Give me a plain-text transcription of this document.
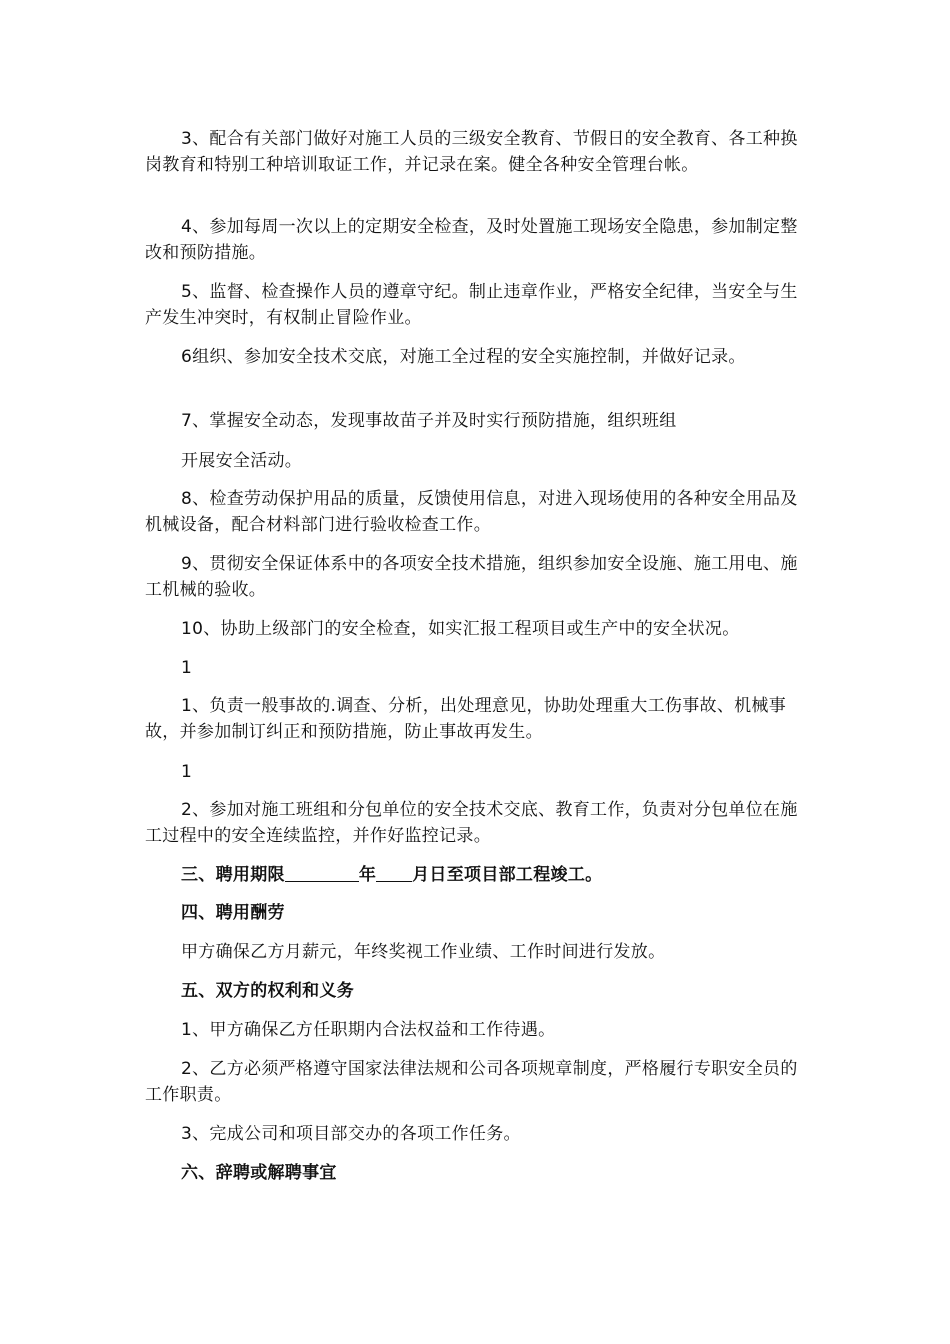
3、配合有关部门做好对施工人员的三级安全教育、节假日的安全教育、各工种换岗教育和特别工种培训取证工作，并记录在案。健全各种安全管理台帐。
4、参加每周一次以上的定期安全检查，及时处置施工现场安全隐患，参加制定整改和预防措施。
5、监督、检查操作人员的遵章守纪。制止违章作业，严格安全纪律，当安全与生产发生冲突时，有权制止冒险作业。
6组织、参加安全技术交底，对施工全过程的安全实施控制，并做好记录。
7、掌握安全动态，发现事故苗子并及时实行预防措施，组织班组
开展安全活动。
8、检查劳动保护用品的质量，反馈使用信息，对进入现场使用的各种安全用品及机械设备，配合材料部门进行验收检查工作。
9、贯彻安全保证体系中的各项安全技术措施，组织参加安全设施、施工用电、施工机械的验收。
10、协助上级部门的安全检查，如实汇报工程项目或生产中的安全状况。
1
1、负责一般事故的.调查、分析，出处理意见，协助处理重大工伤事故、机械事故，并参加制订纠正和预防措施，防止事故再发生。
1
2、参加对施工班组和分包单位的安全技术交底、教育工作，负责对分包单位在施工过程中的安全连续监控，并作好监控记录。
三、聘用期限	年 月日至项目部工程竣工。
四、聘用酬劳
甲方确保乙方月薪元，年终奖视工作业绩、工作时间进行发放。
五、双方的权利和义务
1、甲方确保乙方任职期内合法权益和工作待遇。
2、乙方必须严格遵守国家法律法规和公司各项规章制度，严格履行专职安全员的工作职责。
3、完成公司和项目部交办的各项工作任务。
六、辞聘或解聘事宜
